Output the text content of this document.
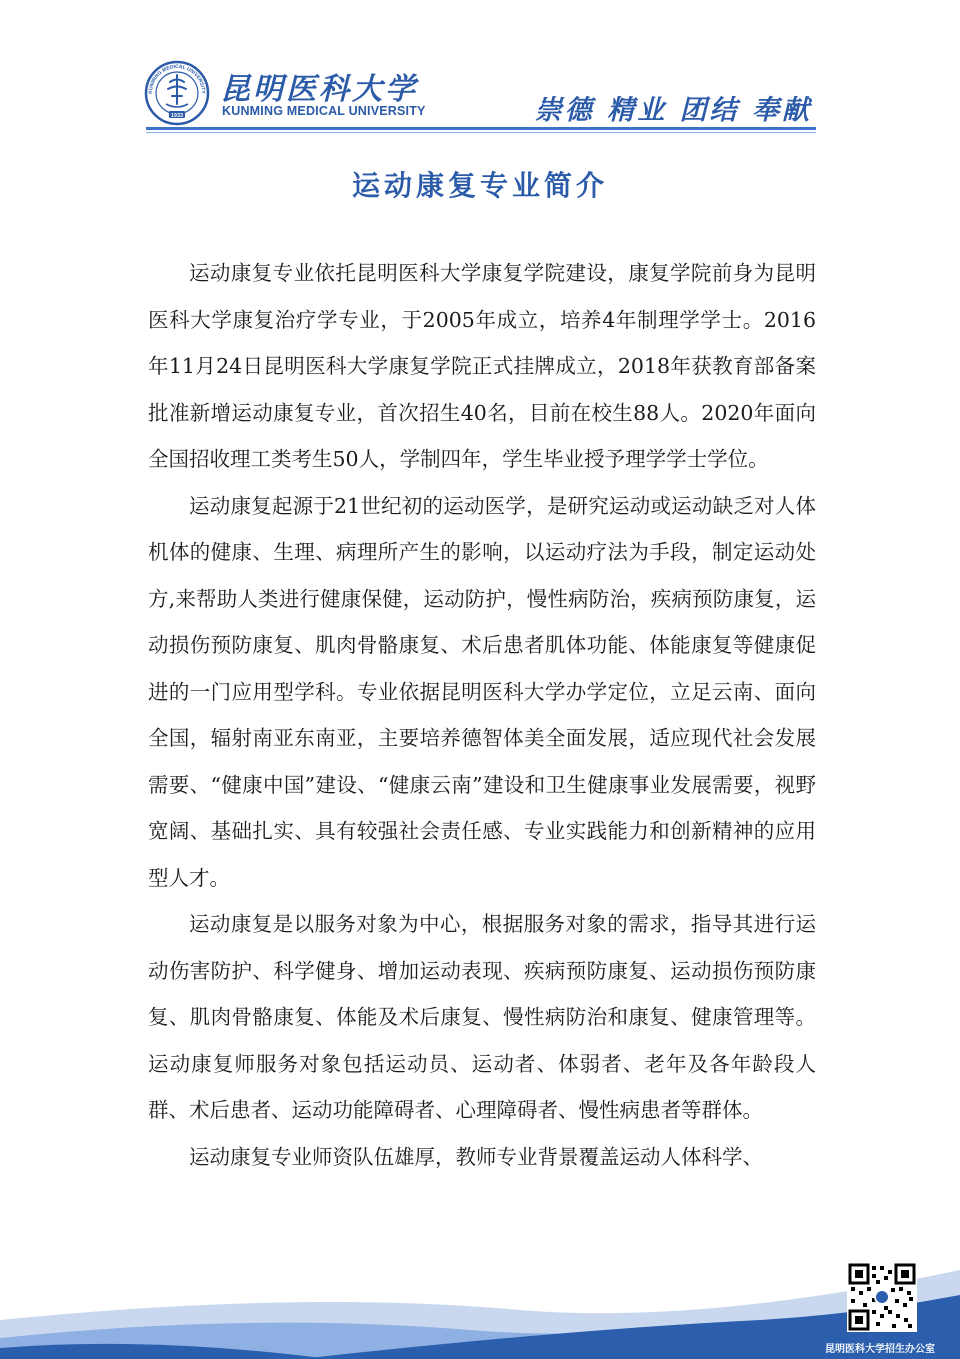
KUNMING MEDICAL UNIVERSITY
1933
昆明医科大学
KUNMING MEDICAL UNIVERSITY	崇德 精业 团结 奉献
运动康复专业简介

运动康复专业依托昆明医科大学康复学院建设，康复学院前身为昆明医科大学康复治疗学专业，于2005年成立，培养4年制理学学士。2016年11月24日昆明医科大学康复学院正式挂牌成立，2018年获教育部备案批准新增运动康复专业，首次招生40名，目前在校生88人。2020年面向全国招收理工类考生50人，学制四年，学生毕业授予理学学士学位。

运动康复起源于21世纪初的运动医学，是研究运动或运动缺乏对人体机体的健康、生理、病理所产生的影响，以运动疗法为手段，制定运动处方,来帮助人类进行健康保健，运动防护，慢性病防治，疾病预防康复，运动损伤预防康复、肌肉骨骼康复、术后患者肌体功能、体能康复等健康促进的一门应用型学科。专业依据昆明医科大学办学定位，立足云南、面向全国，辐射南亚东南亚，主要培养德智体美全面发展，适应现代社会发展需要、“健康中国”建设、“健康云南”建设和卫生健康事业发展需要，视野宽阔、基础扎实、具有较强社会责任感、专业实践能力和创新精神的应用型人才。

运动康复是以服务对象为中心，根据服务对象的需求，指导其进行运动伤害防护、科学健身、增加运动表现、疾病预防康复、运动损伤预防康复、肌肉骨骼康复、体能及术后康复、慢性病防治和康复、健康管理等。运动康复师服务对象包括运动员、运动者、体弱者、老年及各年龄段人群、术后患者、运动功能障碍者、心理障碍者、慢性病患者等群体。

运动康复专业师资队伍雄厚，教师专业背景覆盖运动人体科学、

昆明医科大学招生办公室
